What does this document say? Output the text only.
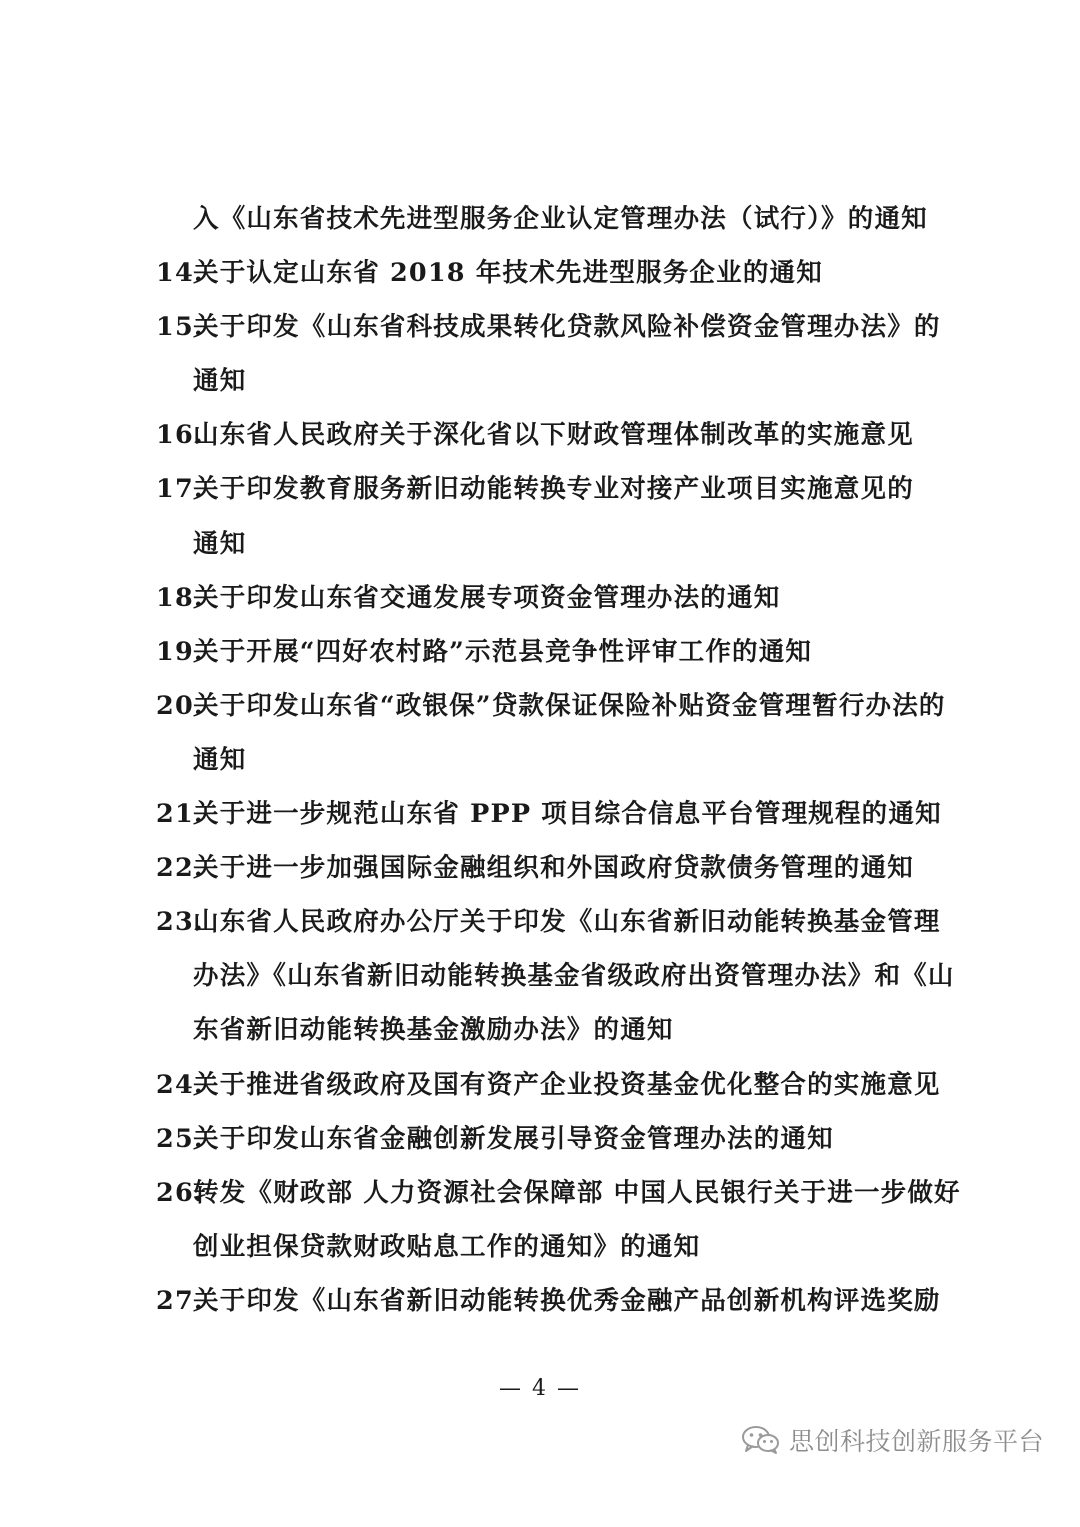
入《山东省技术先进型服务企业认定管理办法（试行）》的通知
14.
关于认定山东省 2018 年技术先进型服务企业的通知
15.
关于印发《山东省科技成果转化贷款风险补偿资金管理办法》的
通知
16.
山东省人民政府关于深化省以下财政管理体制改革的实施意见
17.
关于印发教育服务新旧动能转换专业对接产业项目实施意见的
通知
18.
关于印发山东省交通发展专项资金管理办法的通知
19.
关于开展“四好农村路”示范县竞争性评审工作的通知
20.
关于印发山东省“政银保”贷款保证保险补贴资金管理暂行办法的
通知
21.
关于进一步规范山东省 PPP 项目综合信息平台管理规程的通知
22.
关于进一步加强国际金融组织和外国政府贷款债务管理的通知
23.
山东省人民政府办公厅关于印发《山东省新旧动能转换基金管理
办法》《山东省新旧动能转换基金省级政府出资管理办法》和《山
东省新旧动能转换基金激励办法》的通知
24.
关于推进省级政府及国有资产企业投资基金优化整合的实施意见
25.
关于印发山东省金融创新发展引导资金管理办法的通知
26.
转发《财政部 人力资源社会保障部 中国人民银行关于进一步做好
创业担保贷款财政贴息工作的通知》的通知
27.
关于印发《山东省新旧动能转换优秀金融产品创新机构评选奖励
— 4 —
思创科技创新服务平台
